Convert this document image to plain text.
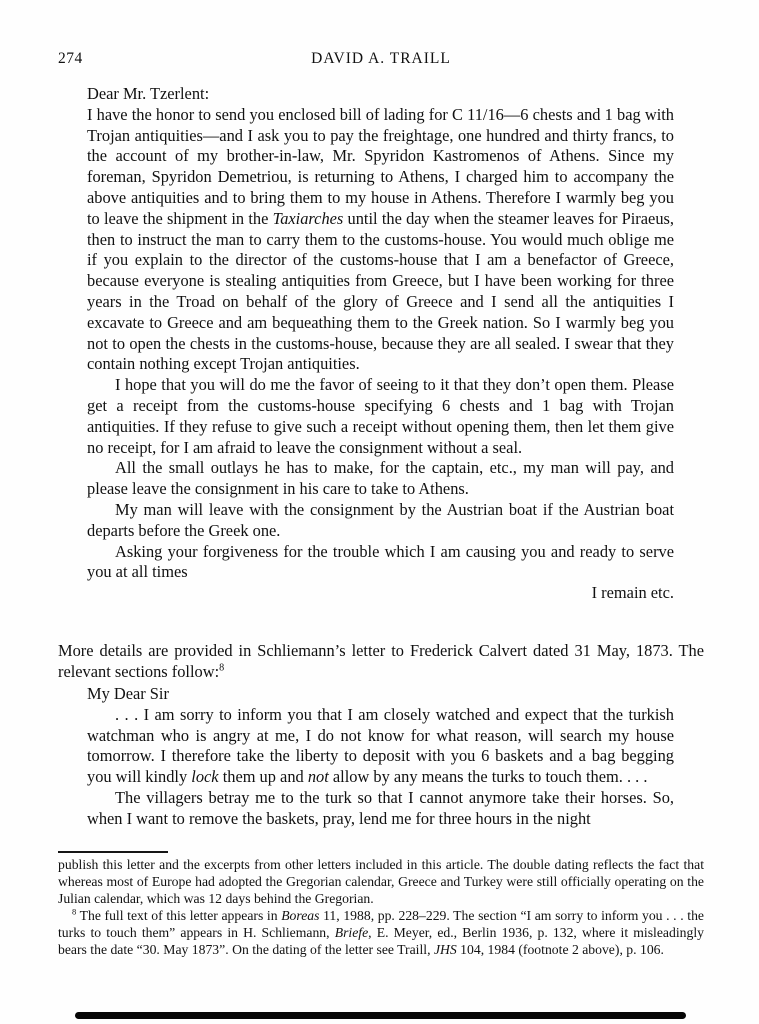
274	DAVID A. TRAILL

Dear Mr. Tzerlent:

I have the honor to send you enclosed bill of lading for C 11/16—6 chests and 1 bag with Trojan antiquities—and I ask you to pay the freightage, one hundred and thirty francs, to the account of my brother-in-law, Mr. Spyridon Kastromenos of Athens. Since my foreman, Spyridon Demetriou, is returning to Athens, I charged him to accompany the above antiquities and to bring them to my house in Athens. Therefore I warmly beg you to leave the shipment in the Taxiarches until the day when the steamer leaves for Piraeus, then to instruct the man to carry them to the customs-house. You would much oblige me if you explain to the director of the customs-house that I am a benefactor of Greece, because everyone is stealing antiquities from Greece, but I have been working for three years in the Troad on behalf of the glory of Greece and I send all the antiquities I excavate to Greece and am bequeathing them to the Greek nation. So I warmly beg you not to open the chests in the customs-house, because they are all sealed. I swear that they contain nothing except Trojan antiquities.

I hope that you will do me the favor of seeing to it that they don’t open them. Please get a receipt from the customs-house specifying 6 chests and 1 bag with Trojan antiquities. If they refuse to give such a receipt without opening them, then let them give no receipt, for I am afraid to leave the consignment without a seal.

All the small outlays he has to make, for the captain, etc., my man will pay, and please leave the consignment in his care to take to Athens.

My man will leave with the consignment by the Austrian boat if the Austrian boat departs before the Greek one.

Asking your forgiveness for the trouble which I am causing you and ready to serve you at all times

I remain etc.

More details are provided in Schliemann’s letter to Frederick Calvert dated 31 May, 1873. The relevant sections follow:$^8$

My Dear Sir

. . . I am sorry to inform you that I am closely watched and expect that the turkish watchman who is angry at me, I do not know for what reason, will search my house tomorrow. I therefore take the liberty to deposit with you 6 baskets and a bag begging you will kindly lock them up and not allow by any means the turks to touch them. . . .

The villagers betray me to the turk so that I cannot anymore take their horses. So, when I want to remove the baskets, pray, lend me for three hours in the night

publish this letter and the excerpts from other letters included in this article. The double dating reflects the fact that whereas most of Europe had adopted the Gregorian calendar, Greece and Turkey were still officially operating on the Julian calendar, which was 12 days behind the Gregorian.

$^8$ The full text of this letter appears in Boreas 11, 1988, pp. 228–229. The section “I am sorry to inform you . . . the turks to touch them” appears in H. Schliemann, Briefe, E. Meyer, ed., Berlin 1936, p. 132, where it misleadingly bears the date “30. May 1873”. On the dating of the letter see Traill, JHS 104, 1984 (footnote 2 above), p. 106.
